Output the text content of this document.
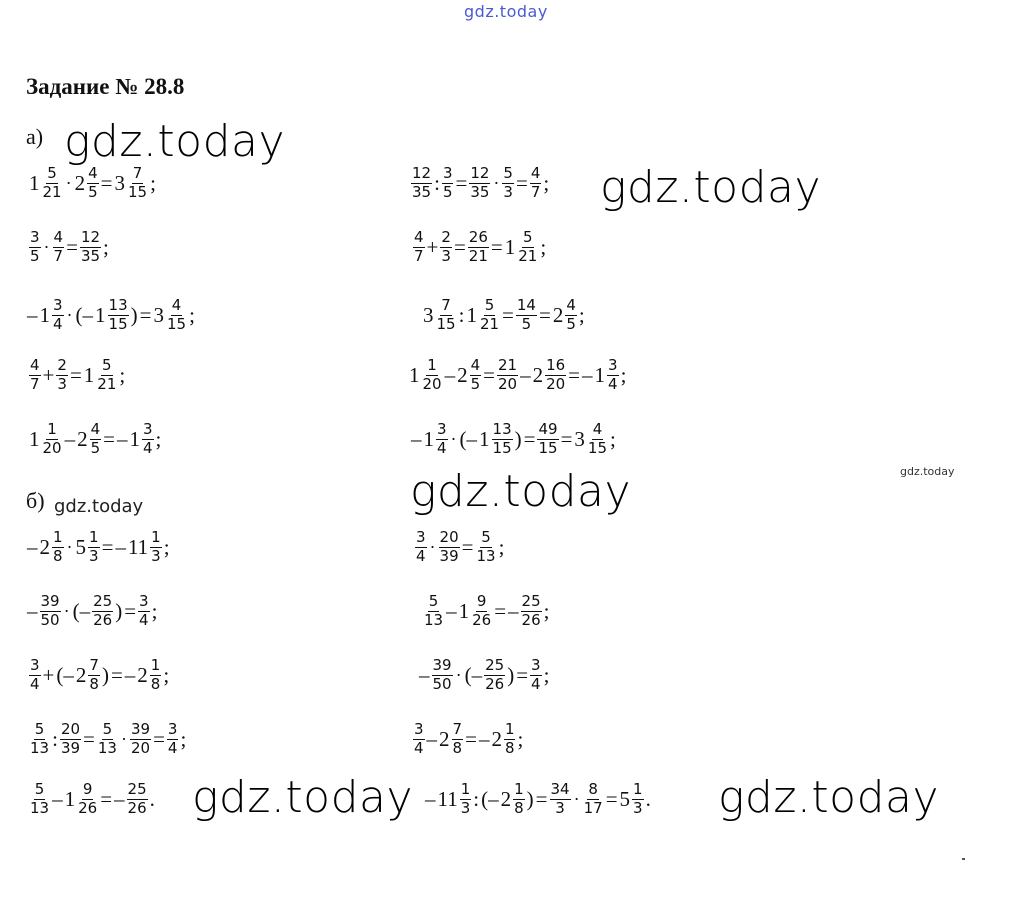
gdz.today
gdz.today
gdz.today
gdz.today
gdz.today
gdz.today
gdz.today	gdz.today
Задание № 28.8
а)
б)
$1 \frac{5}{21} \cdot 2 \frac{4}{5} = 3 \frac{7}{15}$ ;
$\frac{3}{5} \cdot \frac{4}{7} = \frac{12}{35}$ ;
– $1 \frac{3}{4}$ · (– $1 \frac{13}{15}$ ) = $3 \frac{4}{15}$ ;
$\frac{4}{7} + \frac{2}{3} = 1 \frac{5}{21}$ ;
$1 \frac{1}{20} - 2 \frac{4}{5}$ = – $1 \frac{3}{4}$ ;
$\frac{12}{35}$ : $\frac{3}{5} = \frac{12}{35} \cdot \frac{5}{3} = \frac{4}{7}$ ;
$\frac{4}{7} + \frac{2}{3} = \frac{26}{21} = 1 \frac{5}{21}$ ;
$3 \frac{7}{15}$ : $1 \frac{5}{21} = \frac{14}{5} = 2 \frac{4}{5}$ ;
$1 \frac{1}{20} - 2 \frac{4}{5} = \frac{21}{20} - 2 \frac{16}{20}$ = – $1 \frac{3}{4}$ ;
– $1 \frac{3}{4}$ · (– $1 \frac{13}{15}$ ) = $\frac{49}{15} = 3 \frac{4}{15}$ ;
– $2 \frac{1}{8} \cdot 5 \frac{1}{3}$ = – $11 \frac{1}{3}$ ;
– $\frac{39}{50}$ · (– $\frac{25}{26}$ ) = $\frac{3}{4}$ ;
$\frac{3}{4}$ + (– $2 \frac{7}{8}$ ) = – $2 \frac{1}{8}$ ;
$\frac{5}{13}$ : $\frac{20}{39} = \frac{5}{13} \cdot \frac{39}{20} = \frac{3}{4}$ ;
$\frac{5}{13} - 1 \frac{9}{26}$ = – $\frac{25}{26}$ .
$\frac{3}{4} \cdot \frac{20}{39} = \frac{5}{13}$ ;
$\frac{5}{13} - 1 \frac{9}{26}$ = – $\frac{25}{26}$ ;
– $\frac{39}{50}$ · (– $\frac{25}{26}$ ) = $\frac{3}{4}$ ;
$\frac{3}{4} - 2 \frac{7}{8}$ = – $2 \frac{1}{8}$ ;
– $11 \frac{1}{3}$ : (– $2 \frac{1}{8}$ ) = $\frac{34}{3} \cdot \frac{8}{17} = 5 \frac{1}{3}$ .
